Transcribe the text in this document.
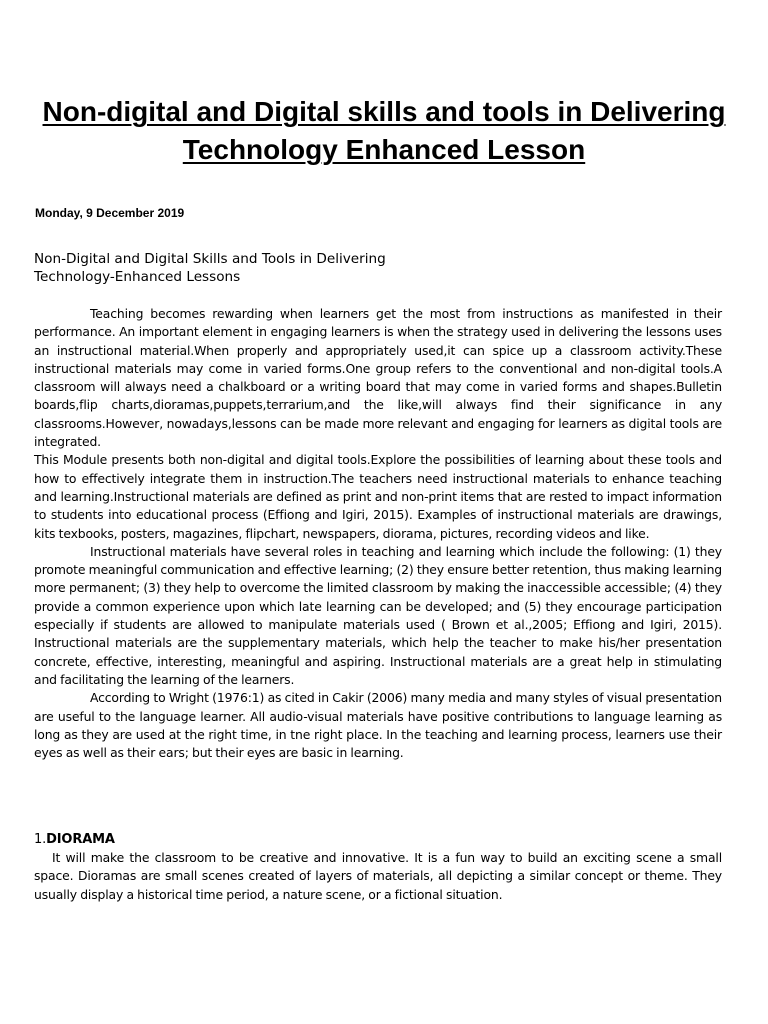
Non-digital and Digital skills and tools in Delivering Technology Enhanced Lesson
Monday, 9 December 2019
Non-Digital and Digital Skills and Tools in Delivering
Technology-Enhanced Lessons

Teaching becomes rewarding when learners get the most from instructions as manifested in their performance. An important element in engaging learners is when the strategy used in delivering the lessons uses an instructional material.When properly and appropriately used,it can spice up a classroom activity.These instructional materials may come in varied forms.One group refers to the conventional and non-digital tools.A classroom will always need a chalkboard or a writing board that may come in varied forms and shapes.Bulletin boards,flip charts,dioramas,puppets,terrarium,and the like,will always find their significance in any classrooms.However, nowadays,lessons can be made more relevant and engaging for learners as digital tools are integrated.

This Module presents both non-digital and digital tools.Explore the possibilities of learning about these tools and how to effectively integrate them in instruction.The teachers need instructional materials to enhance teaching and learning.Instructional materials are defined as print and non-print items that are rested to impact information to students into educational process (Effiong and Igiri, 2015). Examples of instructional materials are drawings, kits texbooks, posters, magazines, flipchart, newspapers, diorama, pictures, recording videos and like.

Instructional materials have several roles in teaching and learning which include the following: (1) they promote meaningful communication and effective learning; (2) they ensure better retention, thus making learning more permanent; (3) they help to overcome the limited classroom by making the inaccessible accessible; (4) they provide a common experience upon which late learning can be developed; and (5) they encourage participation especially if students are allowed to manipulate materials used ( Brown et al.,2005; Effiong and Igiri, 2015). Instructional materials are the supplementary materials, which help the teacher to make his/her presentation concrete, effective, interesting, meaningful and aspiring. Instructional materials are a great help in stimulating and facilitating the learning of the learners.

According to Wright (1976:1) as cited in Cakir (2006) many media and many styles of visual presentation are useful to the language learner. All audio-visual materials have positive contributions to language learning as long as they are used at the right time, in tne right place. In the teaching and learning process, learners use their eyes as well as their ears; but their eyes are basic in learning.

1.DIORAMA

It will make the classroom to be creative and innovative. It is a fun way to build an exciting scene a small space. Dioramas are small scenes created of layers of materials, all depicting a similar concept or theme. They usually display a historical time period, a nature scene, or a fictional situation.
